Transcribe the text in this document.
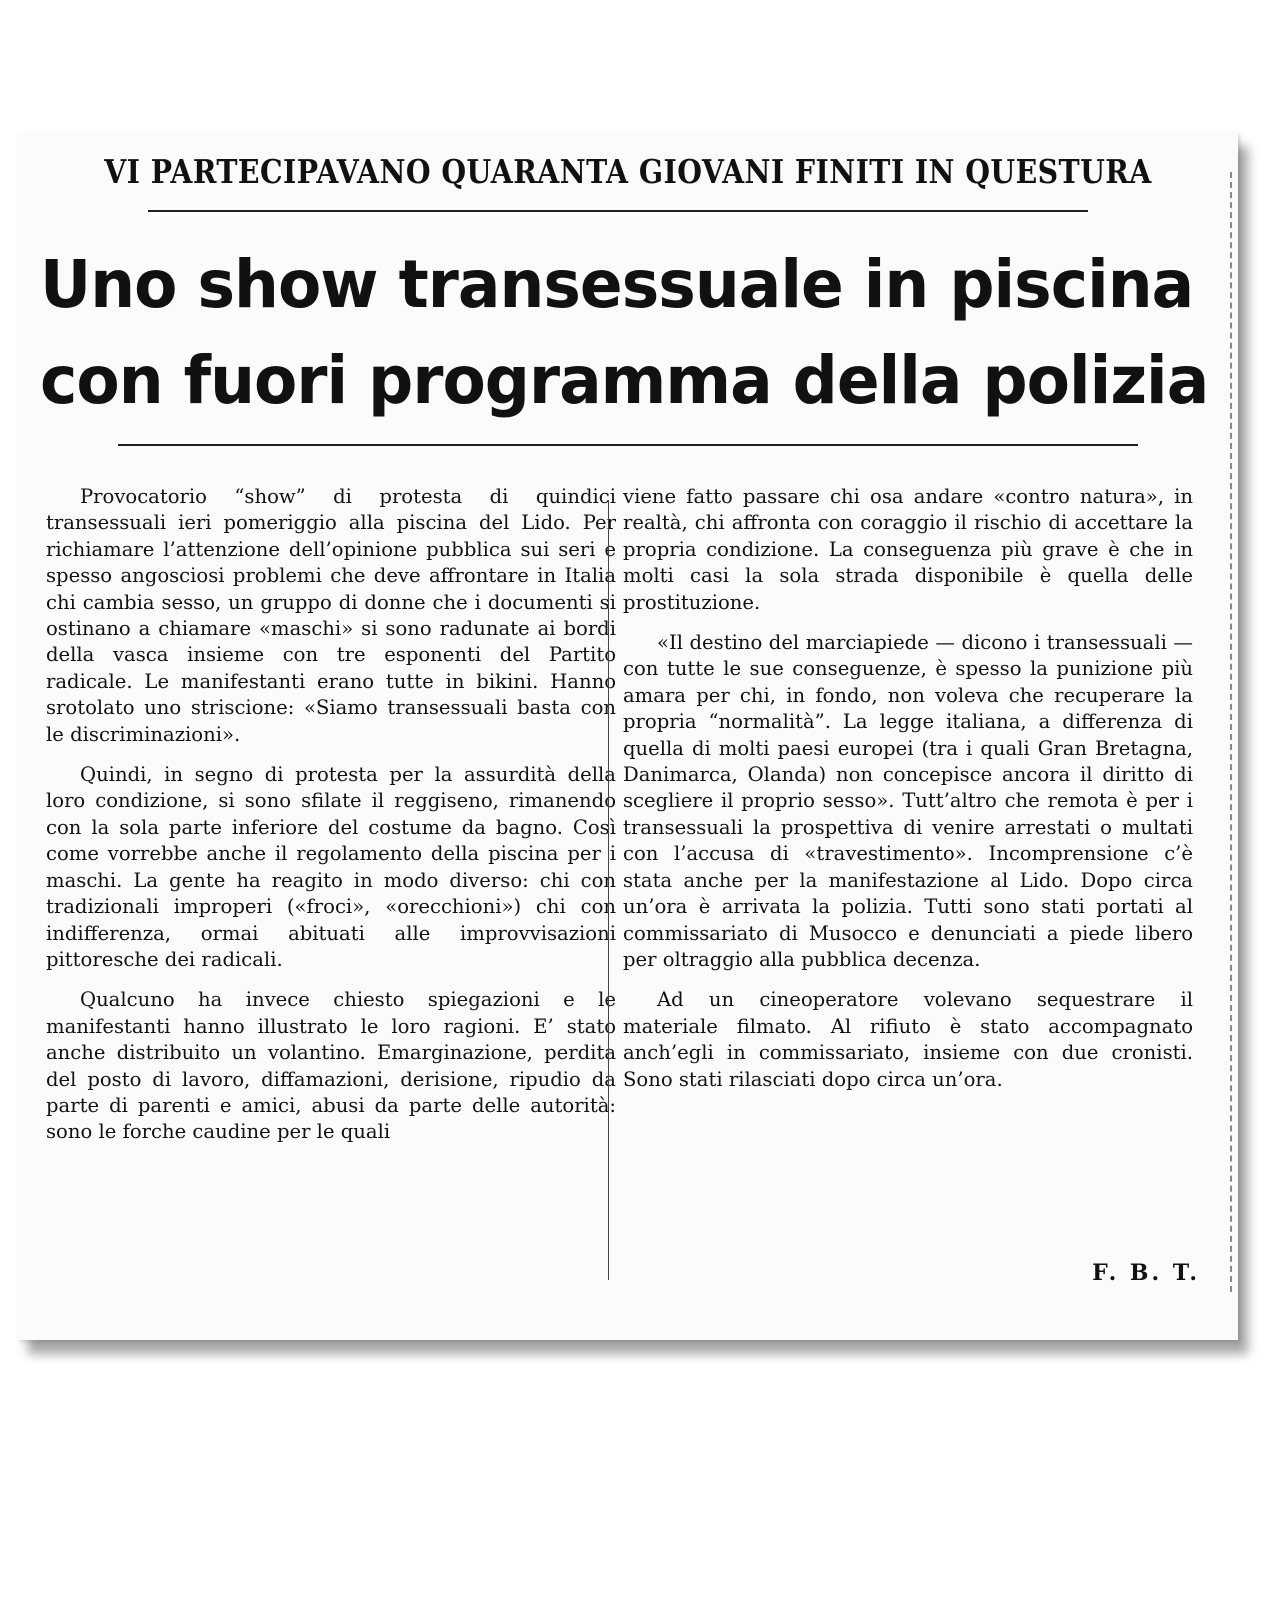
VI PARTECIPAVANO QUARANTA GIOVANI FINITI IN QUESTURA
Uno show transessuale in piscina
con fuori programma della polizia

Provocatorio “show” di protesta di quindici transessuali ieri pomeriggio alla piscina del Lido. Per richiamare l’attenzione dell’opinione pubblica sui seri e spesso angosciosi problemi che deve affrontare in Italia chi cambia sesso, un gruppo di donne che i documenti si ostinano a chiamare «maschi» si sono radunate ai bordi della vasca insieme con tre esponenti del Partito radicale. Le manifestanti erano tutte in bikini. Hanno srotolato uno striscione: «Siamo transessuali basta con le discriminazioni».

Quindi, in segno di protesta per la assurdità della loro condizione, si sono sfilate il reggiseno, rimanendo con la sola parte inferiore del costume da bagno. Così come vorrebbe anche il regolamento della piscina per i maschi. La gente ha reagito in modo diverso: chi con tradizionali improperi («froci», «orecchioni») chi con indifferenza, ormai abituati alle improvvisazioni pittoresche dei radicali.

Qualcuno ha invece chiesto spiegazioni e le manifestanti hanno illustrato le loro ragioni. E’ stato anche distribuito un volantino. Emarginazione, perdita del posto di lavoro, diffamazioni, derisione, ripudio da parte di parenti e amici, abusi da parte delle autorità: sono le forche caudine per le quali

viene fatto passare chi osa andare «contro natura», in realtà, chi affronta con coraggio il rischio di accettare la propria condizione. La conseguenza più grave è che in molti casi la sola strada disponibile è quella delle prostituzione.

«Il destino del marciapiede — dicono i transessuali — con tutte le sue conseguenze, è spesso la punizione più amara per chi, in fondo, non voleva che recuperare la propria “normalità”. La legge italiana, a differenza di quella di molti paesi europei (tra i quali Gran Bretagna, Danimarca, Olanda) non concepisce ancora il diritto di scegliere il proprio sesso». Tutt’altro che remota è per i transessuali la prospettiva di venire arrestati o multati con l’accusa di «travestimento». Incomprensione c’è stata anche per la manifestazione al Lido. Dopo circa un’ora è arrivata la polizia. Tutti sono stati portati al commissariato di Musocco e denunciati a piede libero per oltraggio alla pubblica decenza.

Ad un cineoperatore volevano sequestrare il materiale filmato. Al rifiuto è stato accompagnato anch’egli in commissariato, insieme con due cronisti. Sono stati rilasciati dopo circa un’ora.

F. B. T.
